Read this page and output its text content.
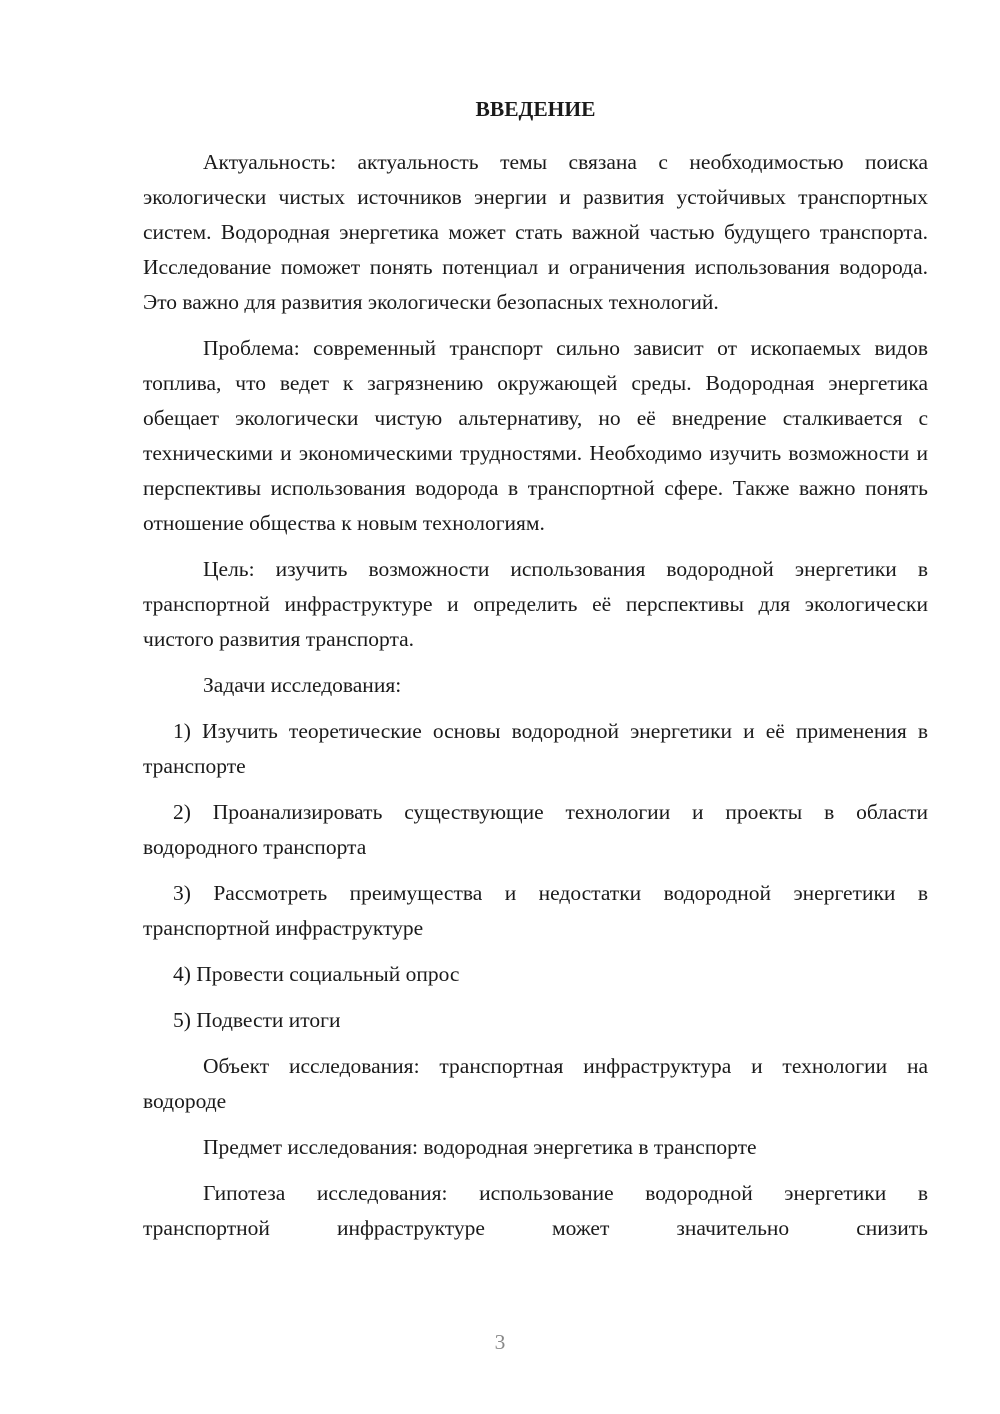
ВВЕДЕНИЕ

Актуальность: актуальность темы связана с необходимостью поиска экологически чистых источников энергии и развития устойчивых транспортных систем. Водородная энергетика может стать важной частью будущего транспорта. Исследование поможет понять потенциал и ограничения использования водорода. Это важно для развития экологически безопасных технологий.

Проблема: современный транспорт сильно зависит от ископаемых видов топлива, что ведет к загрязнению окружающей среды. Водородная энергетика обещает экологически чистую альтернативу, но её внедрение сталкивается с техническими и экономическими трудностями. Необходимо изучить возможности и перспективы использования водорода в транспортной сфере. Также важно понять отношение общества к новым технологиям.

Цель: изучить возможности использования водородной энергетики в транспортной инфраструктуре и определить её перспективы для экологически чистого развития транспорта.

Задачи исследования:

1) Изучить теоретические основы водородной энергетики и её применения в транспорте

2) Проанализировать существующие технологии и проекты в области водородного транспорта

3) Рассмотреть преимущества и недостатки водородной энергетики в транспортной инфраструктуре

4) Провести социальный опрос

5) Подвести итоги

Объект исследования: транспортная инфраструктура и технологии на водороде

Предмет исследования: водородная энергетика в транспорте

Гипотеза исследования: использование водородной энергетики в транспортной инфраструктуре может значительно снизить

3
